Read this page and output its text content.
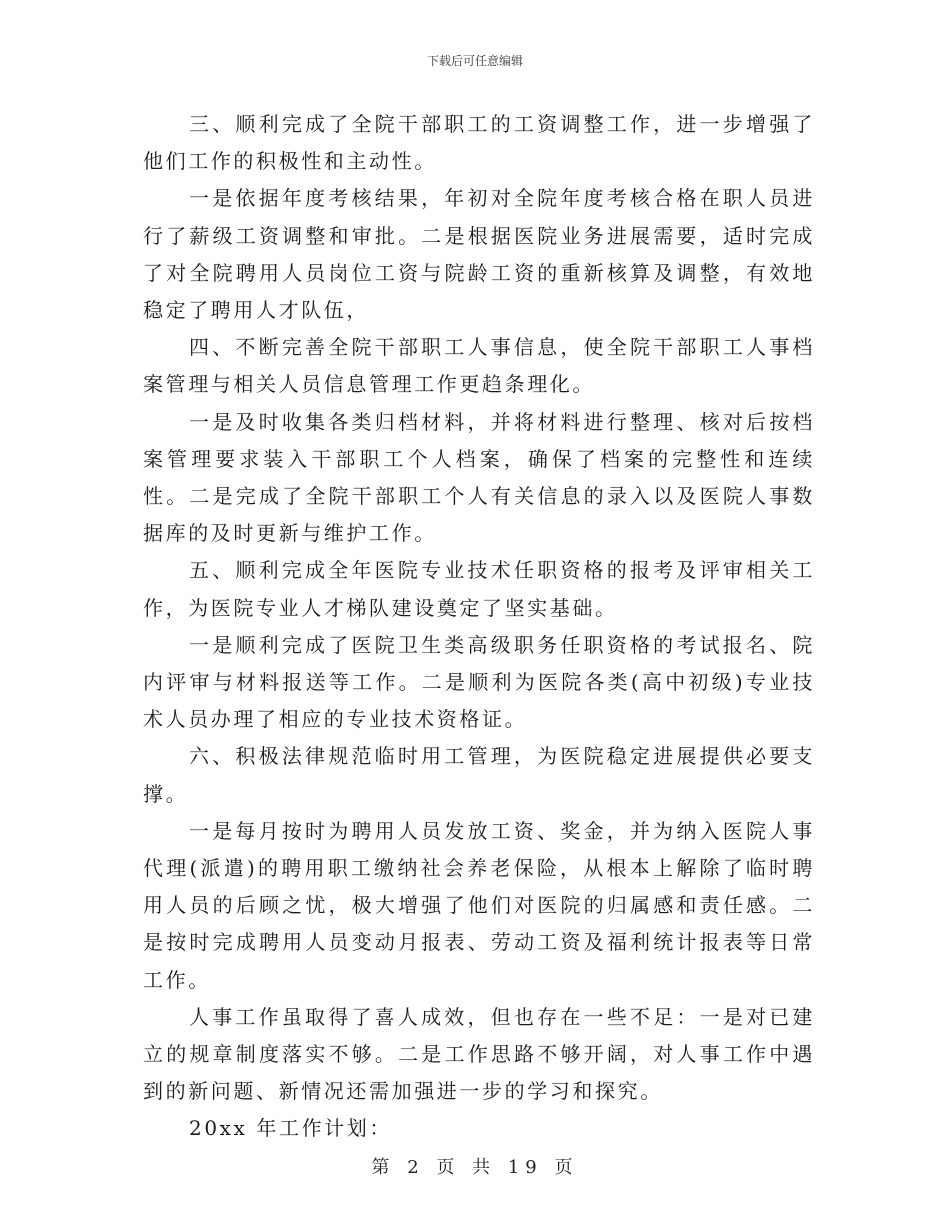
下载后可任意编辑

三、顺利完成了全院干部职工的工资调整工作，进一步增强了他们工作的积极性和主动性。

一是依据年度考核结果，年初对全院年度考核合格在职人员进行了薪级工资调整和审批。二是根据医院业务进展需要，适时完成了对全院聘用人员岗位工资与院龄工资的重新核算及调整，有效地稳定了聘用人才队伍，

四、不断完善全院干部职工人事信息，使全院干部职工人事档案管理与相关人员信息管理工作更趋条理化。

一是及时收集各类归档材料，并将材料进行整理、核对后按档案管理要求装入干部职工个人档案，确保了档案的完整性和连续性。二是完成了全院干部职工个人有关信息的录入以及医院人事数据库的及时更新与维护工作。

五、顺利完成全年医院专业技术任职资格的报考及评审相关工作，为医院专业人才梯队建设奠定了坚实基础。

一是顺利完成了医院卫生类高级职务任职资格的考试报名、院内评审与材料报送等工作。二是顺利为医院各类(高中初级)专业技术人员办理了相应的专业技术资格证。

六、积极法律规范临时用工管理，为医院稳定进展提供必要支撑。

一是每月按时为聘用人员发放工资、奖金，并为纳入医院人事代理(派遣)的聘用职工缴纳社会养老保险，从根本上解除了临时聘用人员的后顾之忧，极大增强了他们对医院的归属感和责任感。二是按时完成聘用人员变动月报表、劳动工资及福利统计报表等日常工作。

人事工作虽取得了喜人成效，但也存在一些不足：一是对已建立的规章制度落实不够。二是工作思路不够开阔，对人事工作中遇到的新问题、新情况还需加强进一步的学习和探究。

20xx 年工作计划：

第 2 页 共 19 页
